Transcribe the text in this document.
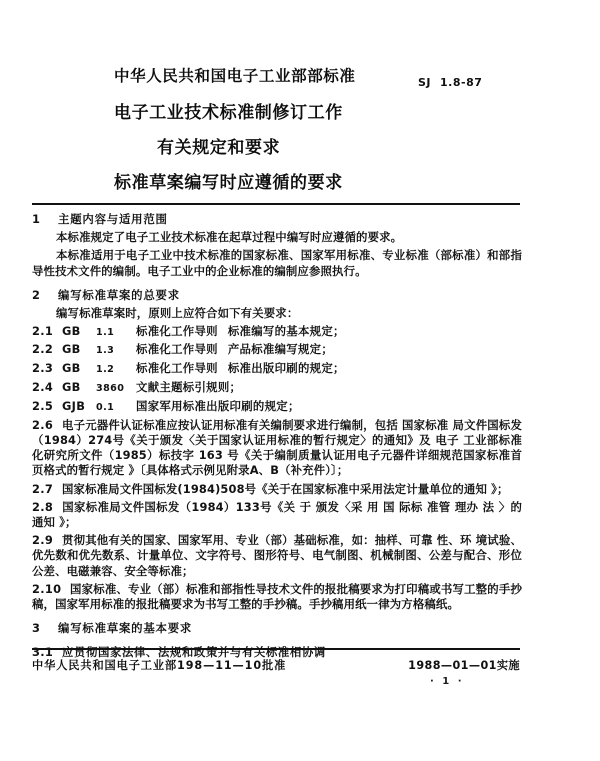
中华人民共和国电子工业部部标准
电子工业技术标准制修订工作
有关规定和要求
标准草案编写时应遵循的要求
SJ 1.8-87
1	主题内容与适用范围
本标准规定了电子工业技术标准在起草过程中编写时应遵循的要求。
本标准适用于电子工业中技术标准的国家标准、国家军用标准、专业标准（部标准）和部指导性技术文件的编制。电子工业中的企业标准的编制应参照执行。
2	编写标准草案的总要求
编写标准草案时，原则上应符合如下有关要求：
2.1 GB	1.1	标准化工作导则 标准编写的基本规定；
2.2 GB	1.3	标准化工作导则 产品标准编写规定；
2.3 GB	1.2	标准化工作导则 标准出版印刷的规定；
2.4 GB	3860	文献主题标引规则；
2.5 GJB	0.1	国家军用标准出版印刷的规定；
2.6 电子元器件认证标准应按认证用标准有关编制要求进行编制，包括 国家标准 局文件国标发（1984）274号《关于颁发〈关于国家认证用标准的暂行规定〉的通知》及 电子 工业部标准化研究所文件（1985）标技字 163 号《关于编制质量认证用电子元器件详细规范国家标准首页格式的暂行规定 》〔具体格式示例见附录A、B（补充件）〕；
2.7 国家标准局文件国标发(1984)508号《关于在国家标准中采用法定计量单位的通知 》；
2.8 国家标准局文件国标发（1984）133号《关 于 颁发〈采 用 国 际标 准管 理办 法 〉的通知 》；
2.9 贯彻其他有关的国家、国家军用、专业（部）基础标准，如：抽样、可靠 性、环 境试验、优先数和优先数系、计量单位、文字符号、图形符号、电气制图、机械制图、公差与配合、形位公差、电磁兼容、安全等标准；
2.10 国家标准、专业（部）标准和部指性导技术文件的报批稿要求为打印稿或书写工整的手抄稿，国家军用标准的报批稿要求为书写工整的手抄稿。手抄稿用纸一律为方格稿纸。
3	编写标准草案的基本要求
3.1 应贯彻国家法律、法规和政策并与有关标准相协调
中华人民共和国电子工业部198—11—10批准	1988—01—01实施
· 1 ·
